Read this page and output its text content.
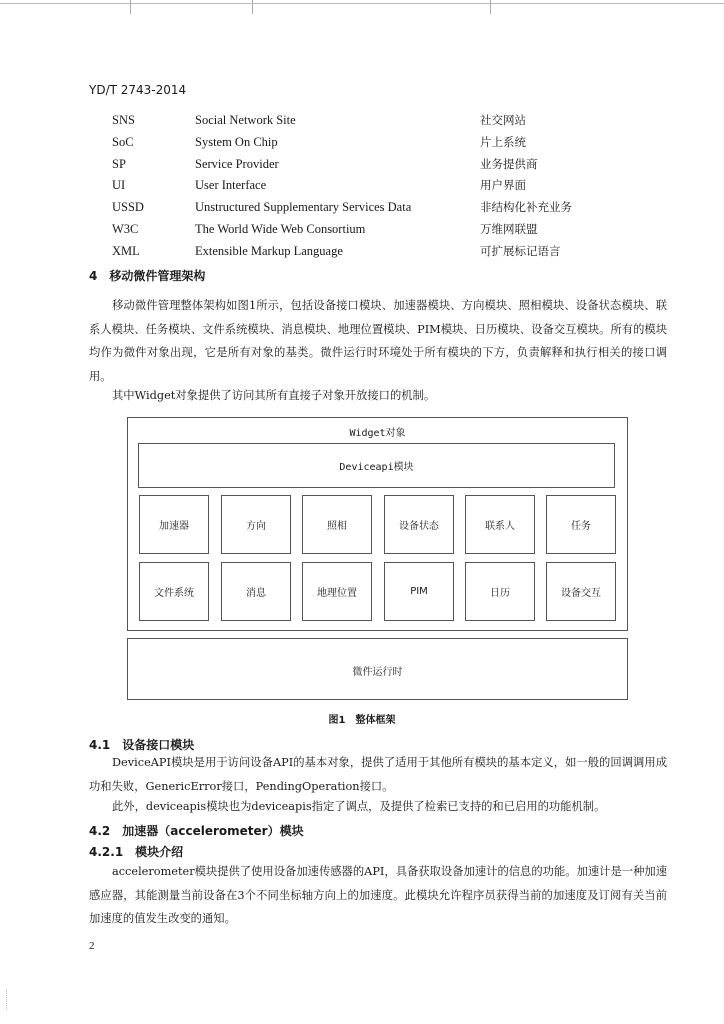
YD/T 2743-2014
SNS	Social Network Site	社交网站
SoC	System On Chip	片上系统
SP	Service Provider	业务提供商
UI	User Interface	用户界面
USSD	Unstructured Supplementary Services Data	非结构化补充业务
W3C	The World Wide Web Consortium	万维网联盟
XML	Extensible Markup Language	可扩展标记语言
4　移动微件管理架构
移动微件管理整体架构如图1所示，包括设备接口模块、加速器模块、方向模块、照相模块、设备状态模块、联系人模块、任务模块、文件系统模块、消息模块、地理位置模块、PIM模块、日历模块、设备交互模块。所有的模块均作为微件对象出现，它是所有对象的基类。微件运行时环境处于所有模块的下方，负责解释和执行相关的接口调用。
其中Widget对象提供了访问其所有直接子对象开放接口的机制。
Widget对象
Deviceapi模块
加速器	方向	照相	设备状态	联系人	任务
文件系统	消息	地理位置	PIM	日历	设备交互
微件运行时
图1　整体框架
4.1　设备接口模块
DeviceAPI模块是用于访问设备API的基本对象，提供了适用于其他所有模块的基本定义，如一般的回调调用成功和失败，GenericError接口，PendingOperation接口。
此外，deviceapis模块也为deviceapis指定了调点，及提供了检索已支持的和已启用的功能机制。
4.2　加速器（accelerometer）模块
4.2.1　模块介绍
accelerometer模块提供了使用设备加速传感器的API，具备获取设备加速计的信息的功能。加速计是一种加速感应器，其能测量当前设备在3个不同坐标轴方向上的加速度。此模块允许程序员获得当前的加速度及订阅有关当前加速度的值发生改变的通知。
2
